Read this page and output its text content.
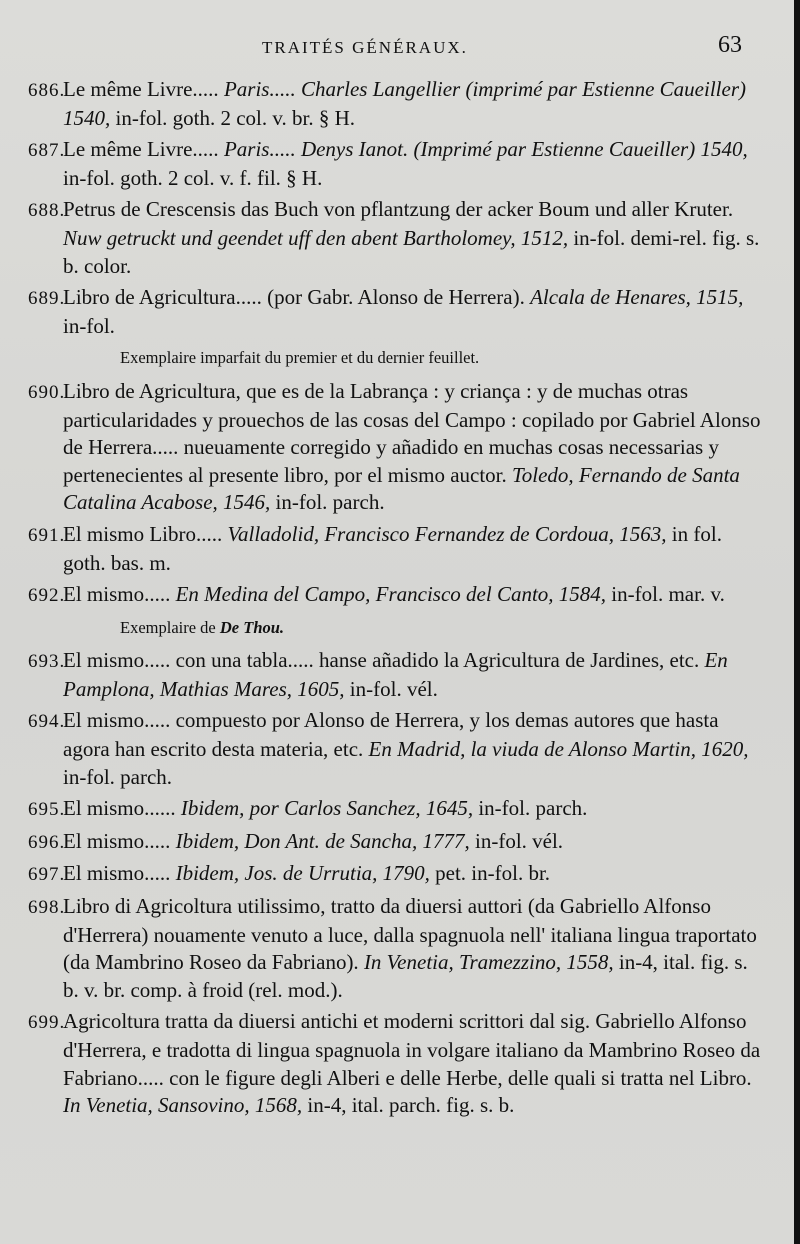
TRAITÉS GÉNÉRAUX.	63

686.Le même Livre..... Paris..... Charles Langellier (imprimé par Estienne Caueiller) 1540, in-fol. goth. 2 col. v. br. § H.

687.Le même Livre..... Paris..... Denys Ianot. (Imprimé par Estienne Caueiller) 1540, in-fol. goth. 2 col. v. f. fil. § H.

688.Petrus de Crescensis das Buch von pflantzung der acker Boum und aller Kruter. Nuw getruckt und geendet uff den abent Bartholomey, 1512, in-fol. demi-rel. fig. s. b. color.

689.Libro de Agricultura..... (por Gabr. Alonso de Herrera). Alcala de Henares, 1515, in-fol.

Exemplaire imparfait du premier et du dernier feuillet.

690.Libro de Agricultura, que es de la Labrança : y criança : y de muchas otras particularidades y prouechos de las cosas del Campo : copilado por Gabriel Alonso de Herrera..... nueuamente corregido y añadido en muchas cosas necessarias y pertenecientes al presente libro, por el mismo auctor. Toledo, Fernando de Santa Catalina Acabose, 1546, in-fol. parch.

691.El mismo Libro..... Valladolid, Francisco Fernandez de Cordoua, 1563, in fol. goth. bas. m.

692.El mismo..... En Medina del Campo, Francisco del Canto, 1584, in-fol. mar. v.

Exemplaire de De Thou.

693.El mismo..... con una tabla..... hanse añadido la Agricultura de Jardines, etc. En Pamplona, Mathias Mares, 1605, in-fol. vél.

694.El mismo..... compuesto por Alonso de Herrera, y los demas autores que hasta agora han escrito desta materia, etc. En Madrid, la viuda de Alonso Martin, 1620, in-fol. parch.

695.El mismo...... Ibidem, por Carlos Sanchez, 1645, in-fol. parch.

696.El mismo..... Ibidem, Don Ant. de Sancha, 1777, in-fol. vél.

697.El mismo..... Ibidem, Jos. de Urrutia, 1790, pet. in-fol. br.

698.Libro di Agricoltura utilissimo, tratto da diuersi auttori (da Gabriello Alfonso d'Herrera) nouamente venuto a luce, dalla spagnuola nell' italiana lingua traportato (da Mambrino Roseo da Fabriano). In Venetia, Tramezzino, 1558, in-4, ital. fig. s. b. v. br. comp. à froid (rel. mod.).

699.Agricoltura tratta da diuersi antichi et moderni scrittori dal sig. Gabriello Alfonso d'Herrera, e tradotta di lingua spagnuola in volgare italiano da Mambrino Roseo da Fabriano..... con le figure degli Alberi e delle Herbe, delle quali si tratta nel Libro. In Venetia, Sansovino, 1568, in-4, ital. parch. fig. s. b.
